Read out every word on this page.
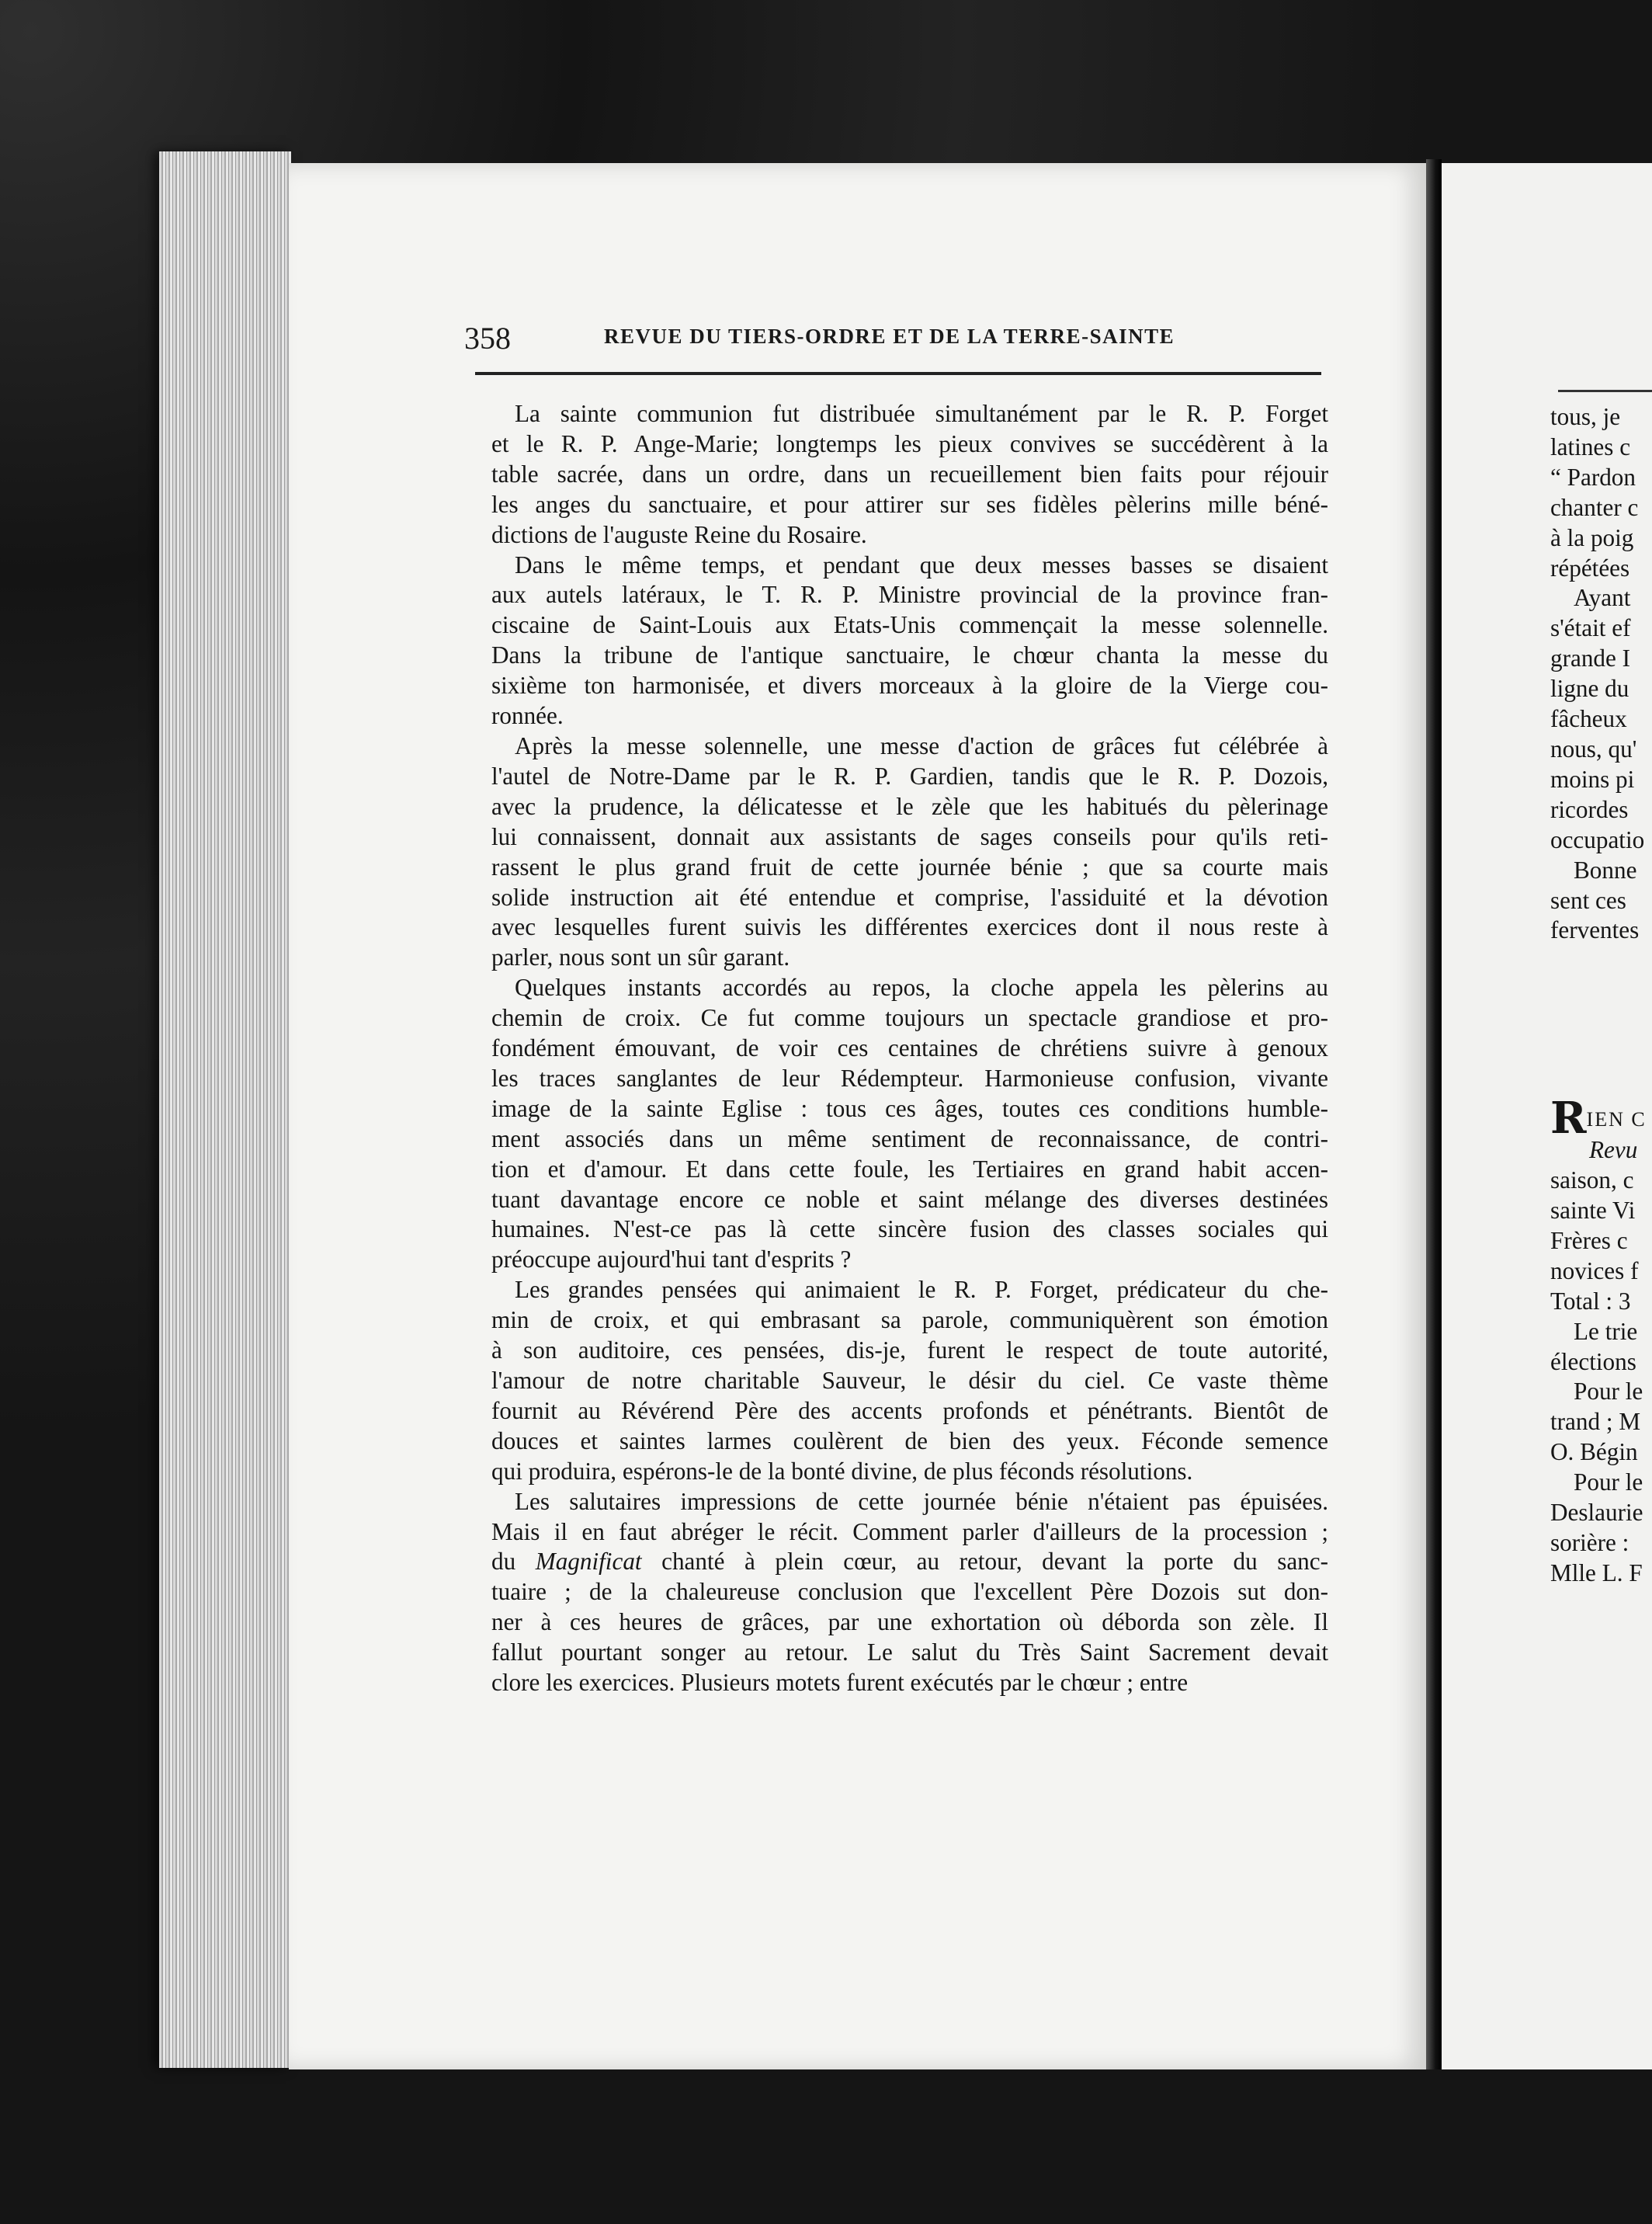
tous, je
latines c
“ Pardon
chanter c
à la poig
répétées
Ayant
s'était ef
grande I
ligne du
fâcheux
nous, qu'
moins pi
ricordes
occupatio
Bonne
sent ces
ferventes
RIEN C
Revu
saison, c
sainte Vi
Frères c
novices f
Total : 3
Le trie
élections
Pour le
trand ; M
O. Bégin
Pour le
Deslaurie
sorière :
Mlle L. F
358	REVUE DU TIERS-ORDRE ET DE LA TERRE-SAINTE

La sainte communion fut distribuée simultanément par le R. P. Forget
et le R. P. Ange-Marie; longtemps les pieux convives se succédèrent à la
table sacrée, dans un ordre, dans un recueillement bien faits pour réjouir
les anges du sanctuaire, et pour attirer sur ses fidèles pèlerins mille béné-
dictions de l'auguste Reine du Rosaire.

Dans le même temps, et pendant que deux messes basses se disaient
aux autels latéraux, le T. R. P. Ministre provincial de la province fran-
ciscaine de Saint-Louis aux Etats-Unis commençait la messe solennelle.
Dans la tribune de l'antique sanctuaire, le chœur chanta la messe du
sixième ton harmonisée, et divers morceaux à la gloire de la Vierge cou-
ronnée.

Après la messe solennelle, une messe d'action de grâces fut célébrée à
l'autel de Notre-Dame par le R. P. Gardien, tandis que le R. P. Dozois,
avec la prudence, la délicatesse et le zèle que les habitués du pèlerinage
lui connaissent, donnait aux assistants de sages conseils pour qu'ils reti-
rassent le plus grand fruit de cette journée bénie ; que sa courte mais
solide instruction ait été entendue et comprise, l'assiduité et la dévotion
avec lesquelles furent suivis les différentes exercices dont il nous reste à
parler, nous sont un sûr garant.

Quelques instants accordés au repos, la cloche appela les pèlerins au
chemin de croix. Ce fut comme toujours un spectacle grandiose et pro-
fondément émouvant, de voir ces centaines de chrétiens suivre à genoux
les traces sanglantes de leur Rédempteur. Harmonieuse confusion, vivante
image de la sainte Eglise : tous ces âges, toutes ces conditions humble-
ment associés dans un même sentiment de reconnaissance, de contri-
tion et d'amour. Et dans cette foule, les Tertiaires en grand habit accen-
tuant davantage encore ce noble et saint mélange des diverses destinées
humaines. N'est-ce pas là cette sincère fusion des classes sociales qui
préoccupe aujourd'hui tant d'esprits ?

Les grandes pensées qui animaient le R. P. Forget, prédicateur du che-
min de croix, et qui embrasant sa parole, communiquèrent son émotion
à son auditoire, ces pensées, dis-je, furent le respect de toute autorité,
l'amour de notre charitable Sauveur, le désir du ciel. Ce vaste thème
fournit au Révérend Père des accents profonds et pénétrants. Bientôt de
douces et saintes larmes coulèrent de bien des yeux. Féconde semence
qui produira, espérons-le de la bonté divine, de plus féconds résolutions.

Les salutaires impressions de cette journée bénie n'étaient pas épuisées.
Mais il en faut abréger le récit. Comment parler d'ailleurs de la procession ;
du Magnificat chanté à plein cœur, au retour, devant la porte du sanc-
tuaire ; de la chaleureuse conclusion que l'excellent Père Dozois sut don-
ner à ces heures de grâces, par une exhortation où déborda son zèle. Il
fallut pourtant songer au retour. Le salut du Très Saint Sacrement devait
clore les exercices. Plusieurs motets furent exécutés par le chœur ; entre
